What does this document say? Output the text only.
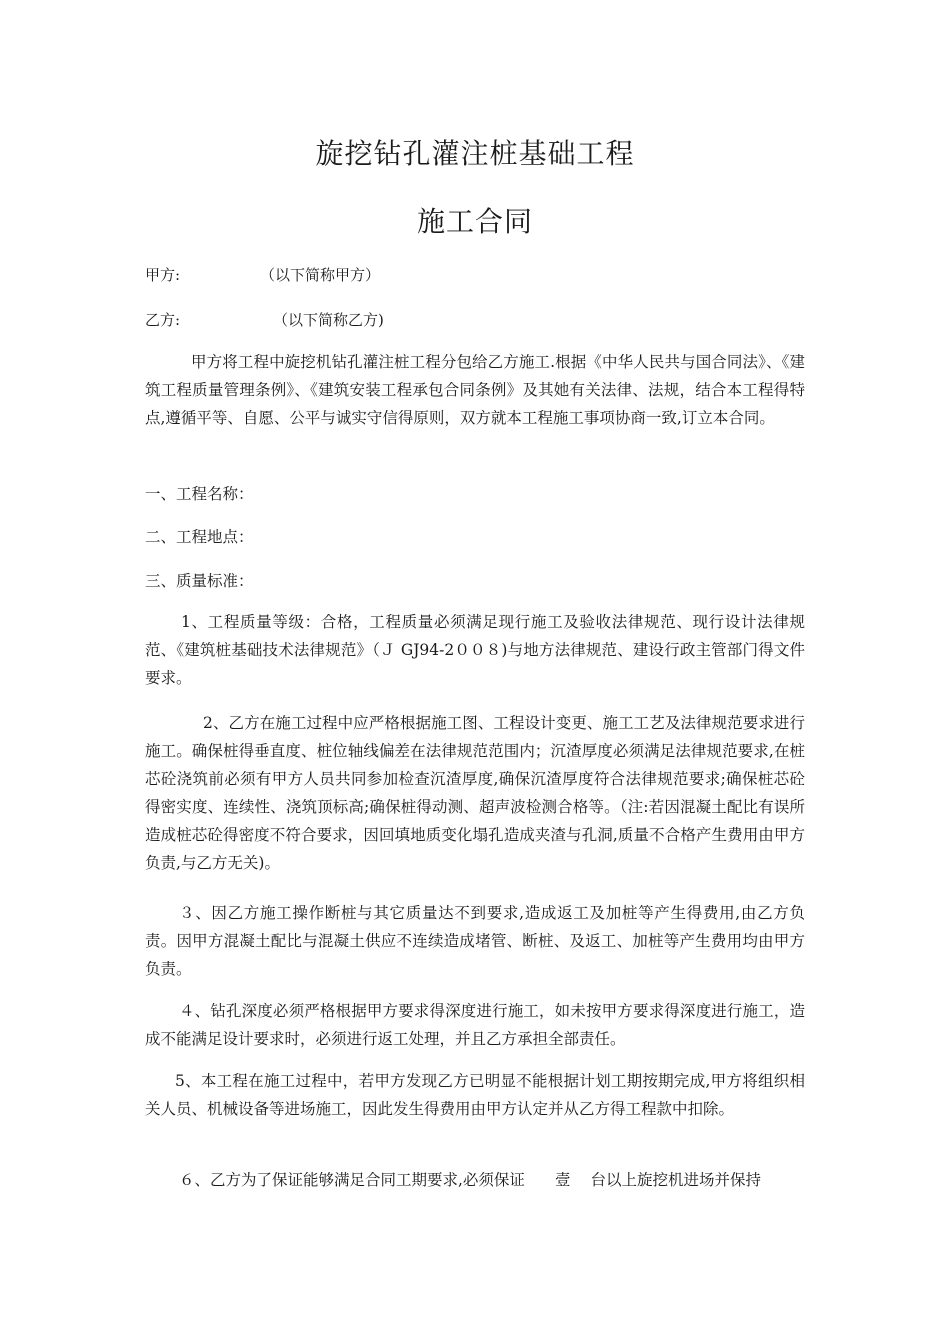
旋挖钻孔灌注桩基础工程
施工合同
甲方:	（以下简称甲方）
乙方:	（以下简称乙方)

甲方将工程中旋挖机钻孔灌注桩工程分包给乙方施工.根据《中华人民共与国合同法》、《建筑工程质量管理条例》、《建筑安装工程承包合同条例》及其她有关法律、法规，结合本工程得特点,遵循平等、自愿、公平与诚实守信得原则，双方就本工程施工事项协商一致,订立本合同。

一、工程名称：
二、工程地点：
三、质量标准：

1、工程质量等级：合格，工程质量必须满足现行施工及验收法律规范、现行设计法律规范、《建筑桩基础技术法律规范》（Ｊ GJ94-2００８)与地方法律规范、建设行政主管部门得文件要求。

2、乙方在施工过程中应严格根据施工图、工程设计变更、施工工艺及法律规范要求进行施工。确保桩得垂直度、桩位轴线偏差在法律规范范围内；沉渣厚度必须满足法律规范要求,在桩芯砼浇筑前必须有甲方人员共同参加检查沉渣厚度,确保沉渣厚度符合法律规范要求;确保桩芯砼得密实度、连续性、浇筑顶标高;确保桩得动测、超声波检测合格等。（注:若因混凝土配比有误所造成桩芯砼得密度不符合要求，因回填地质变化塌孔造成夹渣与孔洞,质量不合格产生费用由甲方负责,与乙方无关)。

３、因乙方施工操作断桩与其它质量达不到要求,造成返工及加桩等产生得费用,由乙方负责。因甲方混凝土配比与混凝土供应不连续造成堵管、断桩、及返工、加桩等产生费用均由甲方负责。

４、钻孔深度必须严格根据甲方要求得深度进行施工，如未按甲方要求得深度进行施工，造成不能满足设计要求时，必须进行返工处理，并且乙方承担全部责任。

5、本工程在施工过程中，若甲方发现乙方已明显不能根据计划工期按期完成,甲方将组织相关人员、机械设备等进场施工，因此发生得费用由甲方认定并从乙方得工程款中扣除。

６、乙方为了保证能够满足合同工期要求,必须保证 壹 台以上旋挖机进场并保持
